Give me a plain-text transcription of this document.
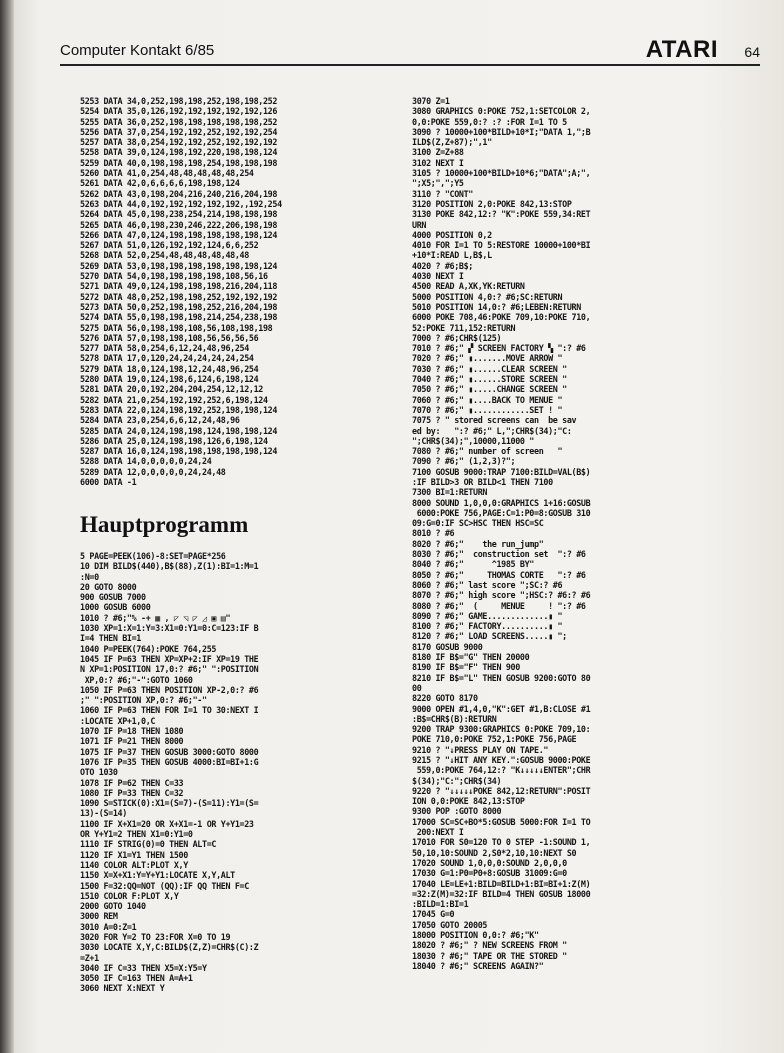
Computer Kontakt 6/85	ATARI 64
5253 DATA 34,0,252,198,198,252,198,198,252
5254 DATA 35,0,126,192,192,192,192,192,126
5255 DATA 36,0,252,198,198,198,198,198,252
5256 DATA 37,0,254,192,192,252,192,192,254
5257 DATA 38,0,254,192,192,252,192,192,192
5258 DATA 39,0,124,198,192,220,198,198,124
5259 DATA 40,0,198,198,198,254,198,198,198
5260 DATA 41,0,254,48,48,48,48,48,254
5261 DATA 42,0,6,6,6,6,198,198,124
5262 DATA 43,0,198,204,216,240,216,204,198
5263 DATA 44,0,192,192,192,192,192,,192,254
5264 DATA 45,0,198,238,254,214,198,198,198
5265 DATA 46,0,198,230,246,222,206,198,198
5266 DATA 47,0,124,198,198,198,198,198,124
5267 DATA 51,0,126,192,192,124,6,6,252
5268 DATA 52,0,254,48,48,48,48,48,48
5269 DATA 53,0,198,198,198,198,198,198,124
5270 DATA 54,0,198,198,198,198,108,56,16
5271 DATA 49,0,124,198,198,198,216,204,118
5272 DATA 48,0,252,198,198,252,192,192,192
5273 DATA 50,0,252,198,198,252,216,204,198
5274 DATA 55,0,198,198,198,214,254,238,198
5275 DATA 56,0,198,198,108,56,108,198,198
5276 DATA 57,0,198,198,108,56,56,56,56
5277 DATA 58,0,254,6,12,24,48,96,254
5278 DATA 17,0,120,24,24,24,24,24,254
5279 DATA 18,0,124,198,12,24,48,96,254
5280 DATA 19,0,124,198,6,124,6,198,124
5281 DATA 20,0,192,204,204,254,12,12,12
5282 DATA 21,0,254,192,192,252,6,198,124
5283 DATA 22,0,124,198,192,252,198,198,124
5284 DATA 23,0,254,6,6,12,24,48,96
5285 DATA 24,0,124,198,198,124,198,198,124
5286 DATA 25,0,124,198,198,126,6,198,124
5287 DATA 16,0,124,198,198,198,198,198,124
5288 DATA 14,0,0,0,0,0,24,24
5289 DATA 12,0,0,0,0,0,24,24,48
6000 DATA -1
Hauptprogramm
5 PAGE=PEEK(106)-8:SET=PAGE*256
10 DIM BILD$(440),B$(88),Z(1):BI=1:M=1
:N=0
20 GOTO 8000
900 GOSUB 7000
1000 GOSUB 6000
1010 ? #6;"% -+ ▦ , ◸ ◹ ◸ ◿ ▣ ▤"
1030 XP=1:X=1:Y=3:X1=0:Y1=0:C=123:IF B
I=4 THEN BI=1
1040 P=PEEK(764):POKE 764,255
1045 IF P=63 THEN XP=XP+2:IF XP=19 THE
N XP=1:POSITION 17,0:? #6;" ":POSITION
XP,0:? #6;"-":GOTO 1060
1050 IF P=63 THEN POSITION XP-2,0:? #6
;" ":POSITION XP,0:? #6;"-"
1060 IF P=63 THEN FOR I=1 TO 30:NEXT I
:LOCATE XP+1,0,C
1070 IF P=18 THEN 1080
1071 IF P=21 THEN 8000
1075 IF P=37 THEN GOSUB 3000:GOTO 8000
1076 IF P=35 THEN GOSUB 4000:BI=BI+1:G
OTO 1030
1078 IF P=62 THEN C=33
1080 IF P=33 THEN C=32
1090 S=STICK(0):X1=(S=7)-(S=11):Y1=(S=
13)-(S=14)
1100 IF X+X1=20 OR X+X1=-1 OR Y+Y1=23
OR Y+Y1=2 THEN X1=0:Y1=0
1110 IF STRIG(0)=0 THEN ALT=C
1120 IF X1=Y1 THEN 1500
1140 COLOR ALT:PLOT X,Y
1150 X=X+X1:Y=Y+Y1:LOCATE X,Y,ALT
1500 F=32:QQ=NOT (QQ):IF QQ THEN F=C
1510 COLOR F:PLOT X,Y
2000 GOTO 1040
3000 REM
3010 A=0:Z=1
3020 FOR Y=2 TO 23:FOR X=0 TO 19
3030 LOCATE X,Y,C:BILD$(Z,Z)=CHR$(C):Z
=Z+1
3040 IF C=33 THEN X5=X:Y5=Y
3050 IF C=163 THEN A=A+1
3060 NEXT X:NEXT Y
3070 Z=1
3080 GRAPHICS 0:POKE 752,1:SETCOLOR 2,
0,0:POKE 559,0:? :? :FOR I=1 TO 5
3090 ? 10000+100*BILD+10*I;"DATA 1,";B
ILD$(Z,Z+87);",1"
3100 Z=Z+88
3102 NEXT I
3105 ? 10000+100*BILD+10*6;"DATA";A;",
";X5;",";Y5
3110 ? "CONT"
3120 POSITION 2,0:POKE 842,13:STOP
3130 POKE 842,12:? "K":POKE 559,34:RET
URN
4000 POSITION 0,2
4010 FOR I=1 TO 5:RESTORE 10000+100*BI
+10*I:READ L,B$,L
4020 ? #6;B$;
4030 NEXT I
4500 READ A,XK,YK:RETURN
5000 POSITION 4,0:? #6;SC:RETURN
5010 POSITION 14,0:? #6;LEBEN:RETURN
6000 POKE 708,46:POKE 709,10:POKE 710,
52:POKE 711,152:RETURN
7000 ? #6;CHR$(125)
7010 ? #6;" ▞ SCREEN FACTORY ▚ ":? #6
7020 ? #6;" ▮.......MOVE ARROW "
7030 ? #6;" ▮......CLEAR SCREEN "
7040 ? #6;" ▮......STORE SCREEN "
7050 ? #6;" ▮.....CHANGE SCREEN "
7060 ? #6;" ▮....BACK TO MENUE "
7070 ? #6;" ▮............SET ! "
7075 ? " stored screens can  be sav
ed by:   ":? #6;" L,";CHR$(34);"C:
";CHR$(34);",10000,11000 "
7080 ? #6;" number of screen   "
7090 ? #6;" (1,2,3)?";
7100 GOSUB 9000:TRAP 7100:BILD=VAL(B$)
:IF BILD>3 OR BILD<1 THEN 7100
7300 BI=1:RETURN
8000 SOUND 1,0,0,0:GRAPHICS 1+16:GOSUB
6000:POKE 756,PAGE:C=1:P0=8:GOSUB 310
09:G=0:IF SC>HSC THEN HSC=SC
8010 ? #6
8020 ? #6;"    the run_jump"
8030 ? #6;"  construction set  ":? #6
8040 ? #6;"      ^1985 BY"
8050 ? #6;"     THOMAS CORTE   ":? #6
8060 ? #6;" last score ";SC:? #6
8070 ? #6;" high score ";HSC:? #6:? #6
8080 ? #6;"  (     MENUE     ! ":? #6
8090 ? #6;" GAME.............▮ "
8100 ? #6;" FACTORY..........▮ "
8120 ? #6;" LOAD SCREENS.....▮ ";
8170 GOSUB 9000
8180 IF B$="G" THEN 20000
8190 IF B$="F" THEN 900
8210 IF B$="L" THEN GOSUB 9200:GOTO 80
00
8220 GOTO 8170
9000 OPEN #1,4,0,"K":GET #1,B:CLOSE #1
:B$=CHR$(B):RETURN
9200 TRAP 9300:GRAPHICS 0:POKE 709,10:
POKE 710,0:POKE 752,1:POKE 756,PAGE
9210 ? "↓PRESS PLAY ON TAPE."
9215 ? "↓HIT ANY KEY.":GOSUB 9000:POKE
559,0:POKE 764,12:? "K↓↓↓↓↓ENTER";CHR
$(34);"C:";CHR$(34)
9220 ? "↓↓↓↓↓POKE 842,12:RETURN":POSIT
ION 0,0:POKE 842,13:STOP
9300 POP :GOTO 8000
17000 SC=SC+BO*5:GOSUB 5000:FOR I=1 TO
200:NEXT I
17010 FOR S0=120 TO 0 STEP -1:SOUND 1,
50,10,10:SOUND 2,S0*2,10,10:NEXT S0
17020 SOUND 1,0,0,0:SOUND 2,0,0,0
17030 G=1:P0=P0+8:GOSUB 31009:G=0
17040 LE=LE+1:BILD=BILD+1:BI=BI+1:Z(M)
=32:Z(M)=32:IF BILD=4 THEN GOSUB 18000
:BILD=1:BI=1
17045 G=0
17050 GOTO 20005
18000 POSITION 0,0:? #6;"K"
18020 ? #6;" ? NEW SCREENS FROM "
18030 ? #6;" TAPE OR THE STORED "
18040 ? #6;" SCREENS AGAIN?"
